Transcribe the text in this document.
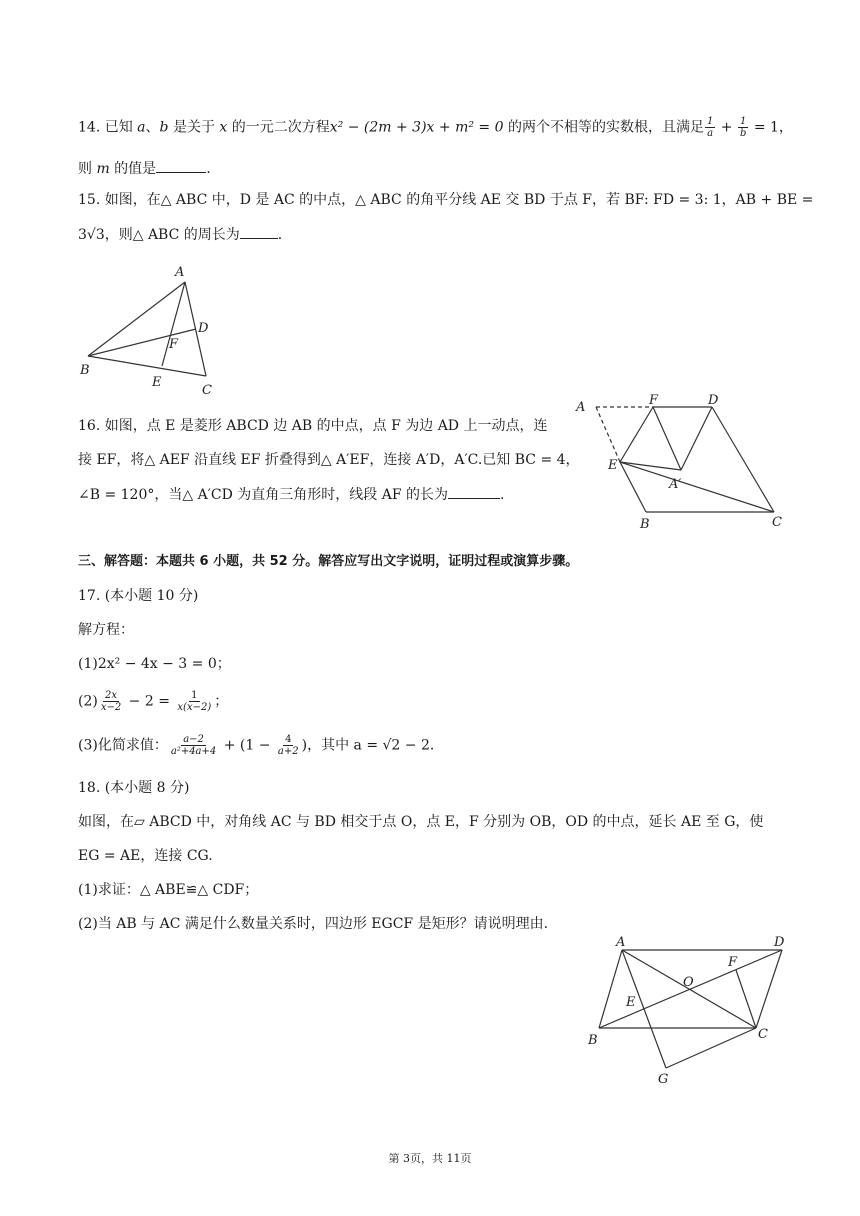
14. 已知 a、b 是关于 x 的一元二次方程x² − (2m + 3)x + m² = 0 的两个不相等的实数根，且满足 $\frac{1}{a} + \frac{1}{b} = 1$，
则 m 的值是	.
15. 如图，在△ ABC 中，D 是 AC 的中点，△ ABC 的角平分线 AE 交 BD 于点 F，若 BF: FD = 3: 1，AB + BE =
3√3，则△ ABC 的周长为	.
A
B
C
D
E
F
16. 如图，点 E 是菱形 ABCD 边 AB 的中点，点 F 为边 AD 上一动点，连
接 EF，将△ AEF 沿直线 EF 折叠得到△ A′EF，连接 A′D，A′C.已知 BC = 4，
∠B = 120°，当△ A′CD 为直角三角形时，线段 AF 的长为	.
A	F	D
E
A′
B	C
三、解答题：本题共 6 小题，共 52 分。解答应写出文字说明，证明过程或演算步骤。
17. (本小题 10 分)
解方程：
(1)2x² − 4x − 3 = 0；
$(2) \frac{2x}{x-2} - 2 = \frac{1}{x(x-2)}$ ；
(3)化简求值： $\frac{a-2}{\text{a²+4a+4}} + (1 - \frac{4}{a+2}$ )，其中 a = √2 − 2.
18. (本小题 8 分)
如图，在▱ ABCD 中，对角线 AC 与 BD 相交于点 O，点 E，F 分别为 OB，OD 的中点，延长 AE 至 G，使
EG = AE，连接 CG.
(1)求证：△ ABE≌△ CDF；
(2)当 AB 与 AC 满足什么数量关系时，四边形 EGCF 是矩形？请说明理由.
A	D
O
F
E
B	C
G
第 3页，共 11页
